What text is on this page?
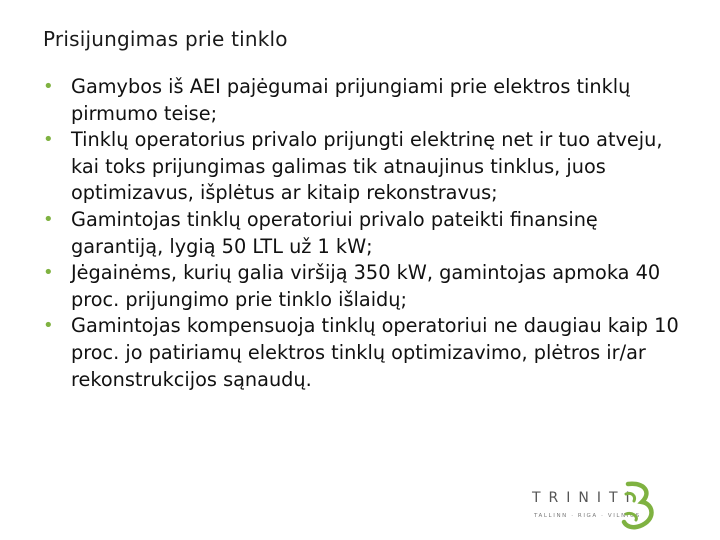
Prisijungimas prie tinklo
• Gamybos iš AEI pajėgumai prijungiami prie elektros tinklų pirmumo teise;
• Tinklų operatorius privalo prijungti elektrinę net ir tuo atveju, kai toks prijungimas galimas tik atnaujinus tinklus, juos optimizavus, išplėtus ar kitaip rekonstravus;
• Gamintojas tinklų operatoriui privalo pateikti finansinę garantiją, lygią 50 LTL už 1 kW;
• Jėgainėms, kurių galia viršiją 350 kW, gamintojas apmoka 40 proc. prijungimo prie tinklo išlaidų;
• Gamintojas kompensuoja tinklų operatoriui ne daugiau kaip 10 proc. jo patiriamų elektros tinklų optimizavimo, plėtros ir/ar rekonstrukcijos sąnaudų.
TRINITI
TALLINN · RIGA · VILNIUS
